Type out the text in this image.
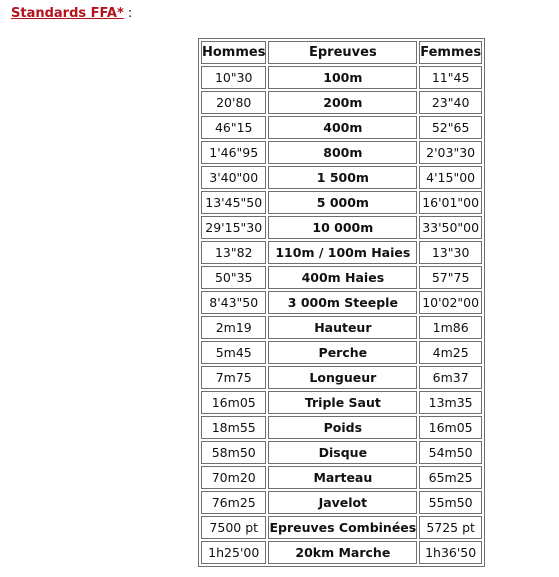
Standards FFA* :
Hommes	Epreuves	Femmes
10"30	100m	11"45
20'80	200m	23"40
46"15	400m	52"65
1'46"95	800m	2'03"30
3'40"00	1 500m	4'15"00
13'45"50	5 000m	16'01"00
29'15"30	10 000m	33'50"00
13"82	110m / 100m Haies	13"30
50"35	400m Haies	57"75
8'43"50	3 000m Steeple	10'02"00
2m19	Hauteur	1m86
5m45	Perche	4m25
7m75	Longueur	6m37
16m05	Triple Saut	13m35
18m55	Poids	16m05
58m50	Disque	54m50
70m20	Marteau	65m25
76m25	Javelot	55m50
7500 pt	Epreuves Combinées	5725 pt
1h25'00	20km Marche	1h36'50
